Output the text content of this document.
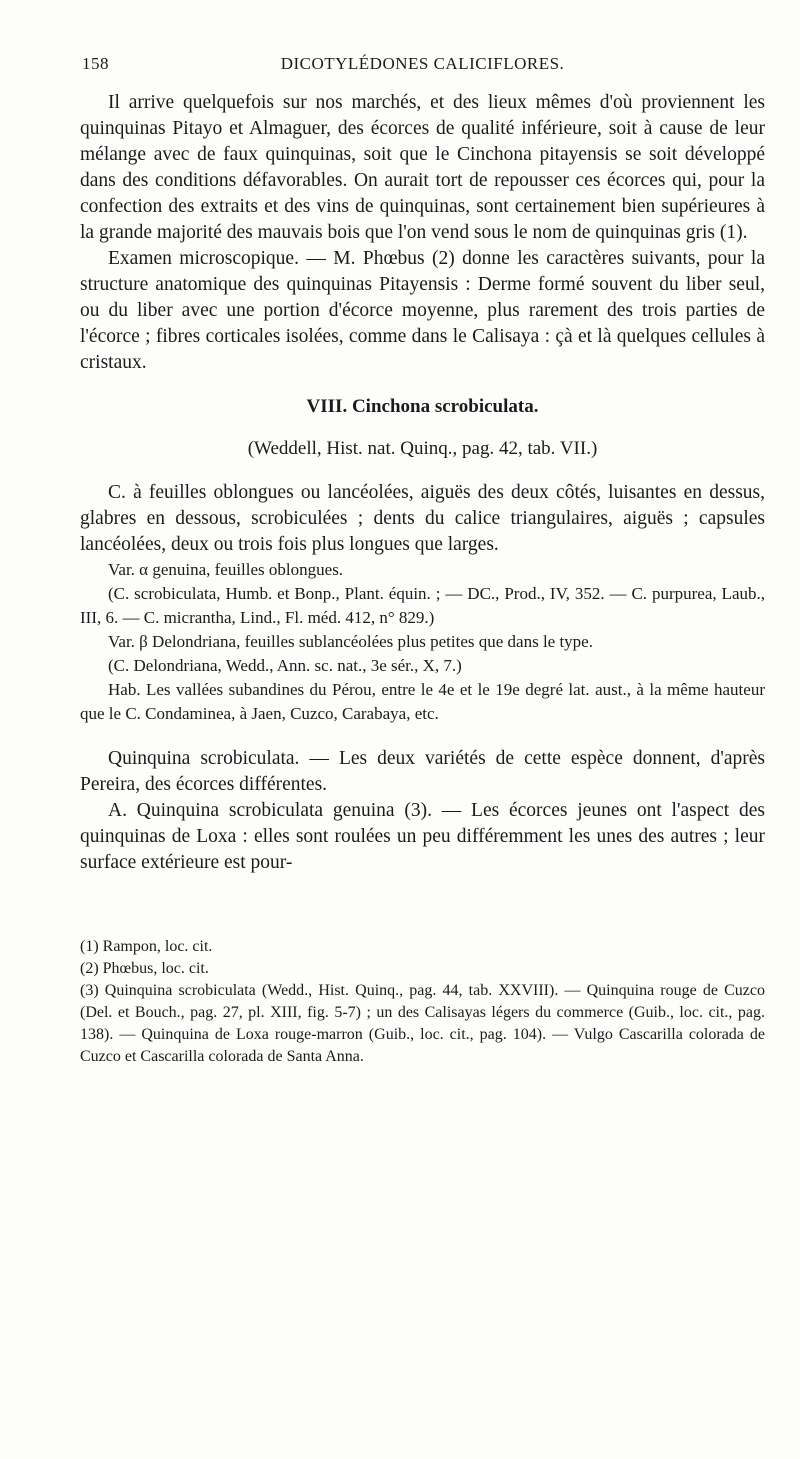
158	DICOTYLÉDONES CALICIFLORES.

Il arrive quelquefois sur nos marchés, et des lieux mêmes d'où proviennent les quinquinas Pitayo et Almaguer, des écorces de qualité inférieure, soit à cause de leur mélange avec de faux quinquinas, soit que le Cinchona pitayensis se soit développé dans des conditions défavorables. On aurait tort de repousser ces écorces qui, pour la confection des extraits et des vins de quinquinas, sont certainement bien supérieures à la grande majorité des mauvais bois que l'on vend sous le nom de quinquinas gris (1).

Examen microscopique. — M. Phœbus (2) donne les caractères suivants, pour la structure anatomique des quinquinas Pitayensis : Derme formé souvent du liber seul, ou du liber avec une portion d'écorce moyenne, plus rarement des trois parties de l'écorce ; fibres corticales isolées, comme dans le Calisaya : çà et là quelques cellules à cristaux.

VIII. Cinchona scrobiculata.
(Weddell, Hist. nat. Quinq., pag. 42, tab. VII.)

C. à feuilles oblongues ou lancéolées, aiguës des deux côtés, luisantes en dessus, glabres en dessous, scrobiculées ; dents du calice triangulaires, aiguës ; capsules lancéolées, deux ou trois fois plus longues que larges.

Var. α genuina, feuilles oblongues.

(C. scrobiculata, Humb. et Bonp., Plant. équin. ; — DC., Prod., IV, 352. — C. purpurea, Laub., III, 6. — C. micrantha, Lind., Fl. méd. 412, n° 829.)

Var. β Delondriana, feuilles sublancéolées plus petites que dans le type.

(C. Delondriana, Wedd., Ann. sc. nat., 3e sér., X, 7.)

Hab. Les vallées subandines du Pérou, entre le 4e et le 19e degré lat. aust., à la même hauteur que le C. Condaminea, à Jaen, Cuzco, Carabaya, etc.

Quinquina scrobiculata. — Les deux variétés de cette espèce donnent, d'après Pereira, des écorces différentes.

A. Quinquina scrobiculata genuina (3). — Les écorces jeunes ont l'aspect des quinquinas de Loxa : elles sont roulées un peu différemment les unes des autres ; leur surface extérieure est pour-

(1) Rampon, loc. cit.

(2) Phœbus, loc. cit.

(3) Quinquina scrobiculata (Wedd., Hist. Quinq., pag. 44, tab. XXVIII). — Quinquina rouge de Cuzco (Del. et Bouch., pag. 27, pl. XIII, fig. 5-7) ; un des Calisayas légers du commerce (Guib., loc. cit., pag. 138). — Quinquina de Loxa rouge-marron (Guib., loc. cit., pag. 104). — Vulgo Cascarilla colorada de Cuzco et Cascarilla colorada de Santa Anna.
